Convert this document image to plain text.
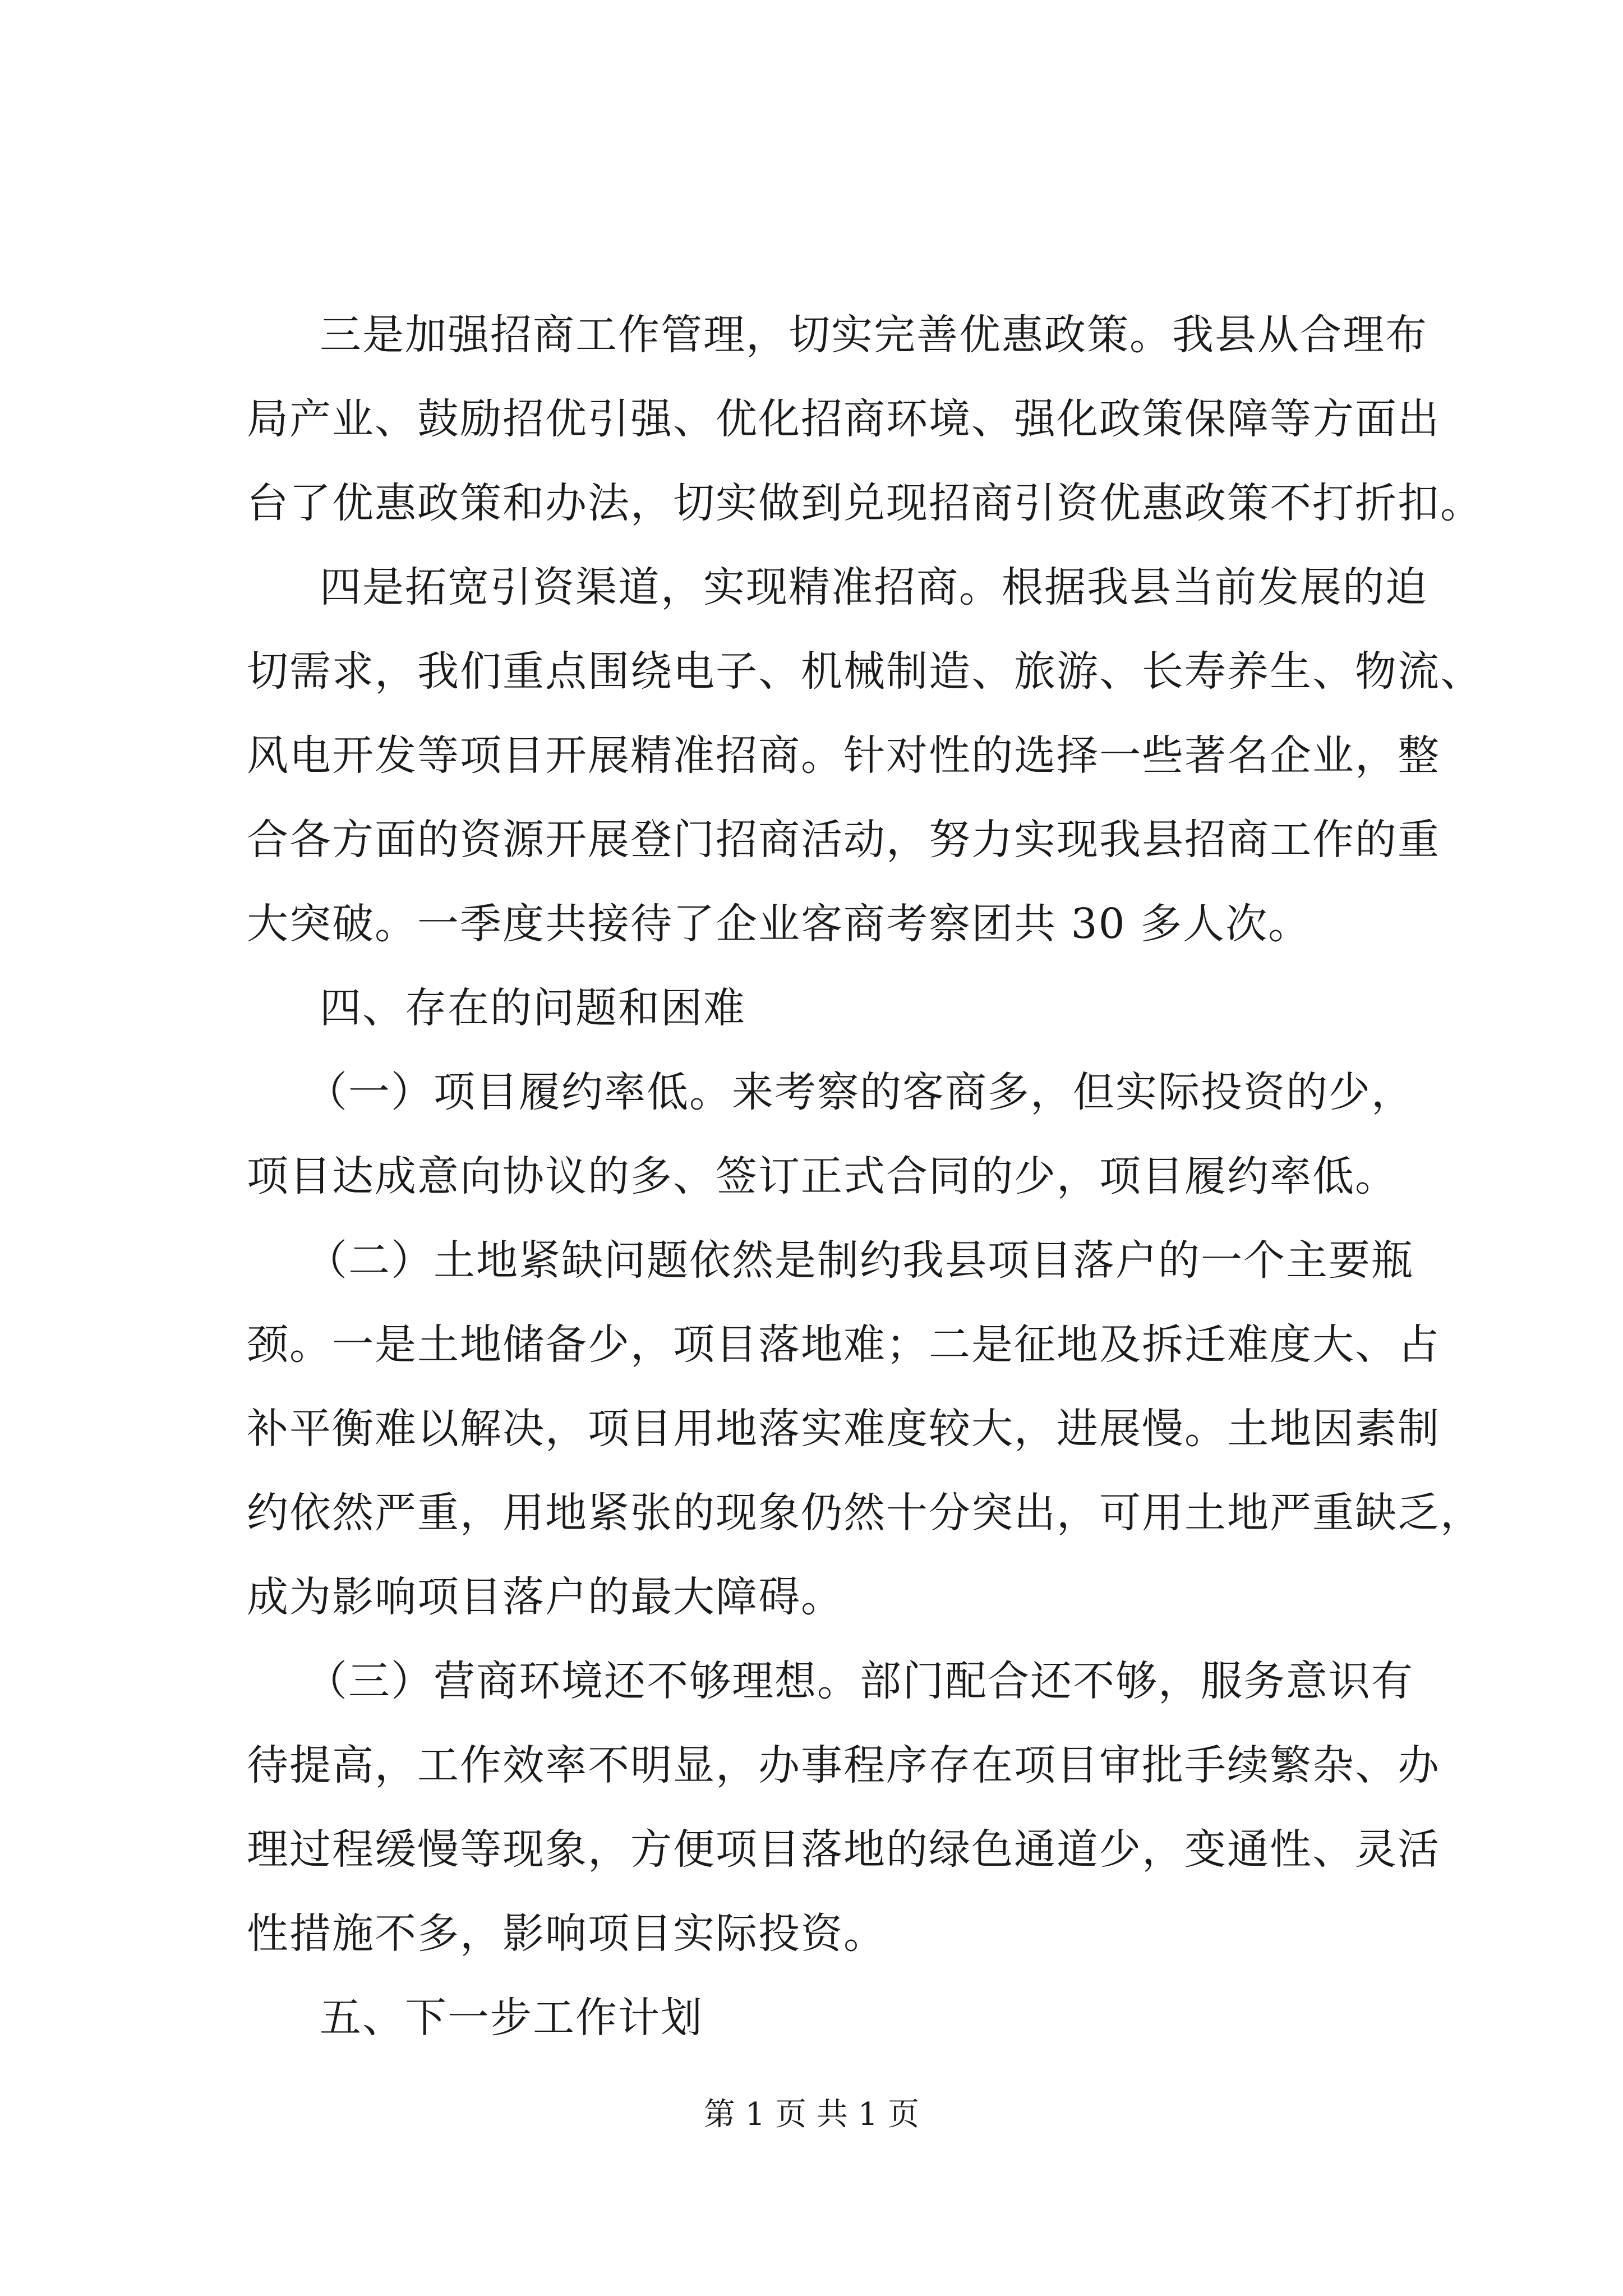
三是加强招商工作管理，切实完善优惠政策。我县从合理布
局产业、鼓励招优引强、优化招商环境、强化政策保障等方面出
台了优惠政策和办法，切实做到兑现招商引资优惠政策不打折扣。
四是拓宽引资渠道，实现精准招商。根据我县当前发展的迫
切需求，我们重点围绕电子、机械制造、旅游、长寿养生、物流、
风电开发等项目开展精准招商。针对性的选择一些著名企业，整
合各方面的资源开展登门招商活动，努力实现我县招商工作的重
大突破。一季度共接待了企业客商考察团共 30 多人次。
四、存在的问题和困难
（一）项目履约率低。来考察的客商多，但实际投资的少，
项目达成意向协议的多、签订正式合同的少，项目履约率低。
（二）土地紧缺问题依然是制约我县项目落户的一个主要瓶
颈。一是土地储备少，项目落地难；二是征地及拆迁难度大、占
补平衡难以解决，项目用地落实难度较大，进展慢。土地因素制
约依然严重，用地紧张的现象仍然十分突出，可用土地严重缺乏，
成为影响项目落户的最大障碍。
（三）营商环境还不够理想。部门配合还不够，服务意识有
待提高，工作效率不明显，办事程序存在项目审批手续繁杂、办
理过程缓慢等现象，方便项目落地的绿色通道少，变通性、灵活
性措施不多，影响项目实际投资。
五、下一步工作计划
第 1 页 共 1 页
